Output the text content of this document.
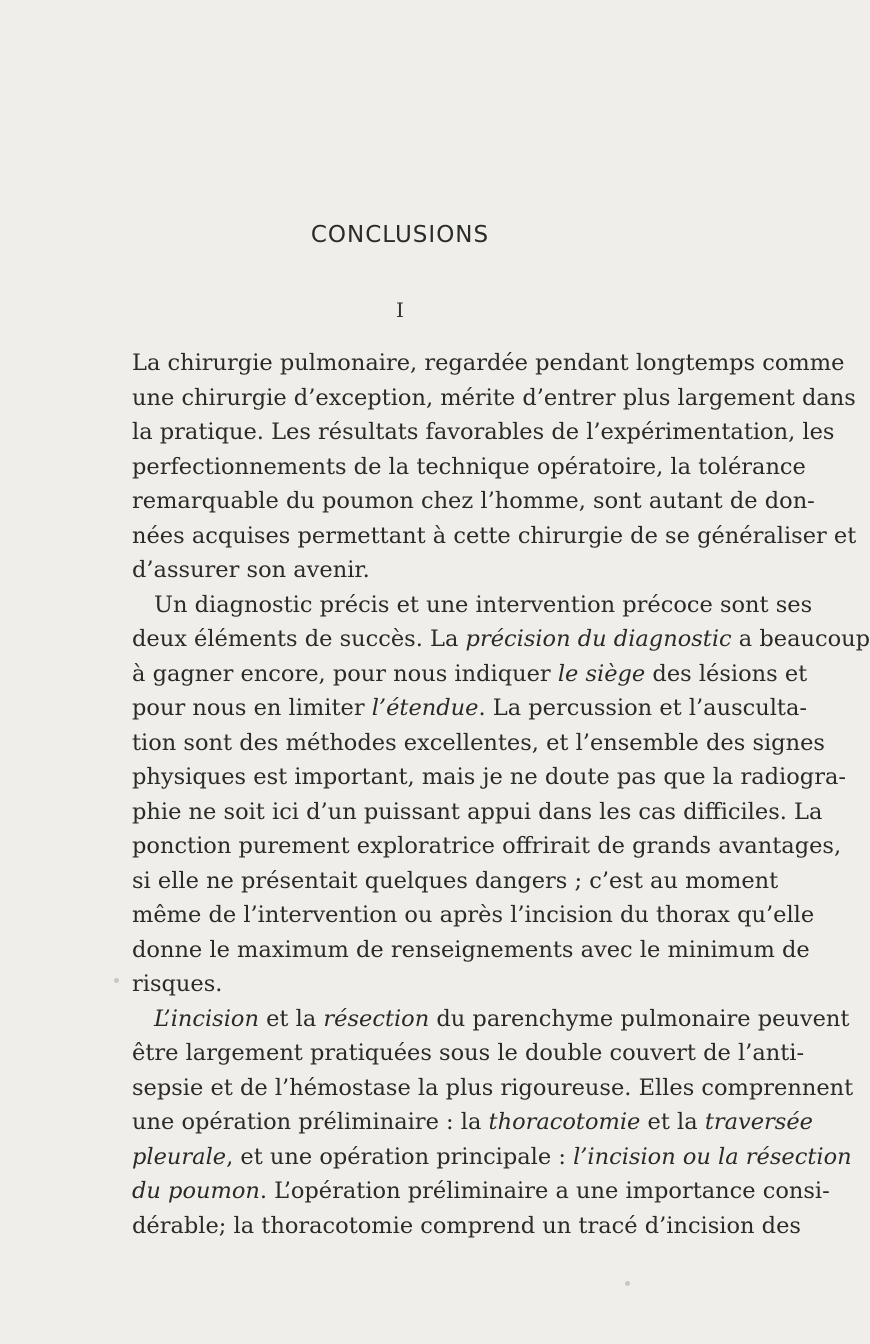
CONCLUSIONS
I
La chirurgie pulmonaire, regardée pendant longtemps comme
une chirurgie d’exception, mérite d’entrer plus largement dans
la pratique. Les résultats favorables de l’expérimentation, les
perfectionnements de la technique opératoire, la tolérance
remarquable du poumon chez l’homme, sont autant de don-
nées acquises permettant à cette chirurgie de se généraliser et
d’assurer son avenir.
Un diagnostic précis et une intervention précoce sont ses
deux éléments de succès. La précision du diagnostic a beaucoup
à gagner encore, pour nous indiquer le siège des lésions et
pour nous en limiter l’étendue. La percussion et l’ausculta-
tion sont des méthodes excellentes, et l’ensemble des signes
physiques est important, mais je ne doute pas que la radiogra-
phie ne soit ici d’un puissant appui dans les cas difficiles. La
ponction purement exploratrice offrirait de grands avantages,
si elle ne présentait quelques dangers ; c’est au moment
même de l’intervention ou après l’incision du thorax qu’elle
donne le maximum de renseignements avec le minimum de
risques.
L’incision et la résection du parenchyme pulmonaire peuvent
être largement pratiquées sous le double couvert de l’anti-
sepsie et de l’hémostase la plus rigoureuse. Elles comprennent
une opération préliminaire : la thoracotomie et la traversée
pleurale, et une opération principale : l’incision ou la résection
du poumon. L’opération préliminaire a une importance consi-
dérable; la thoracotomie comprend un tracé d’incision des
